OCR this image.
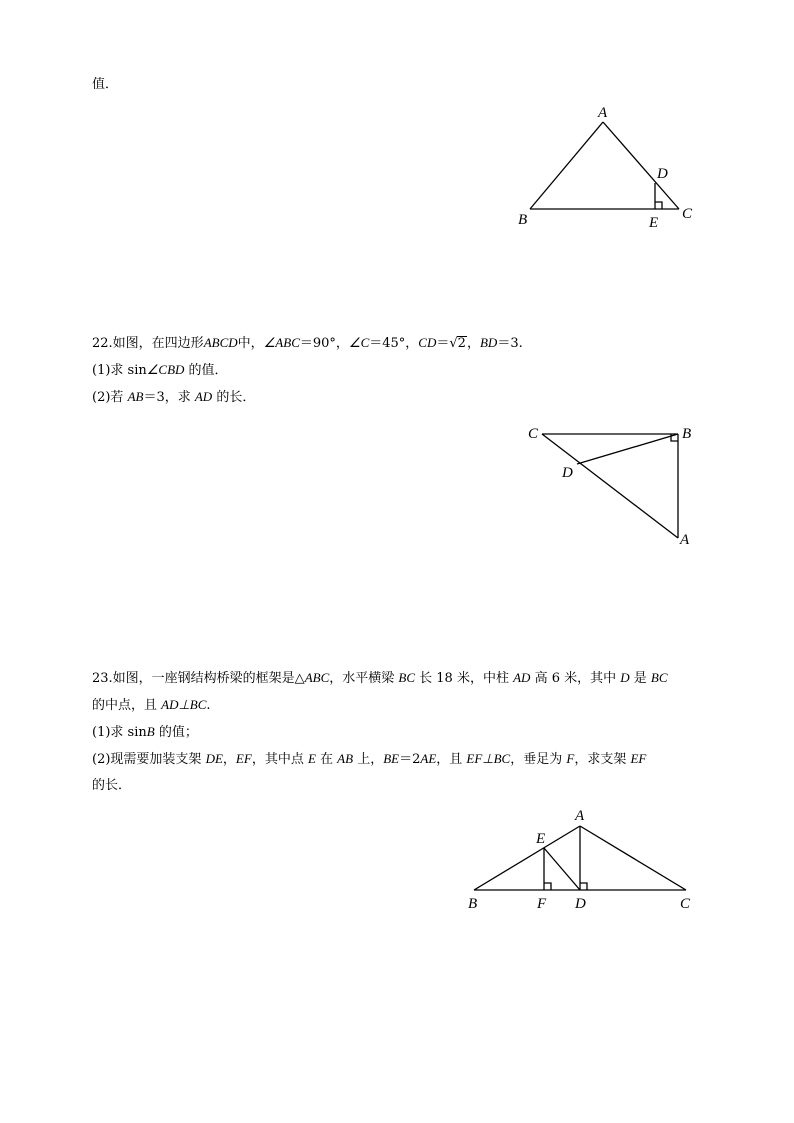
值．
A
B	C
D
E
22.如图，在四边形ABCD中，∠ABC＝90°，∠C＝45°，CD＝√2，BD＝3.
(1)求 sin∠CBD 的值．
(2)若 AB＝3，求 AD 的长．
C	B
D
A
23.如图，一座钢结构桥梁的框架是△ABC，水平横梁 BC 长 18 米，中柱 AD 高 6 米，其中 D 是 BC
的中点，且 AD⊥BC.
(1)求 sinB 的值；
(2)现需要加装支架 DE，EF，其中点 E 在 AB 上，BE＝2AE，且 EF⊥BC，垂足为 F，求支架 EF
的长．
A
E
B	F D	C
